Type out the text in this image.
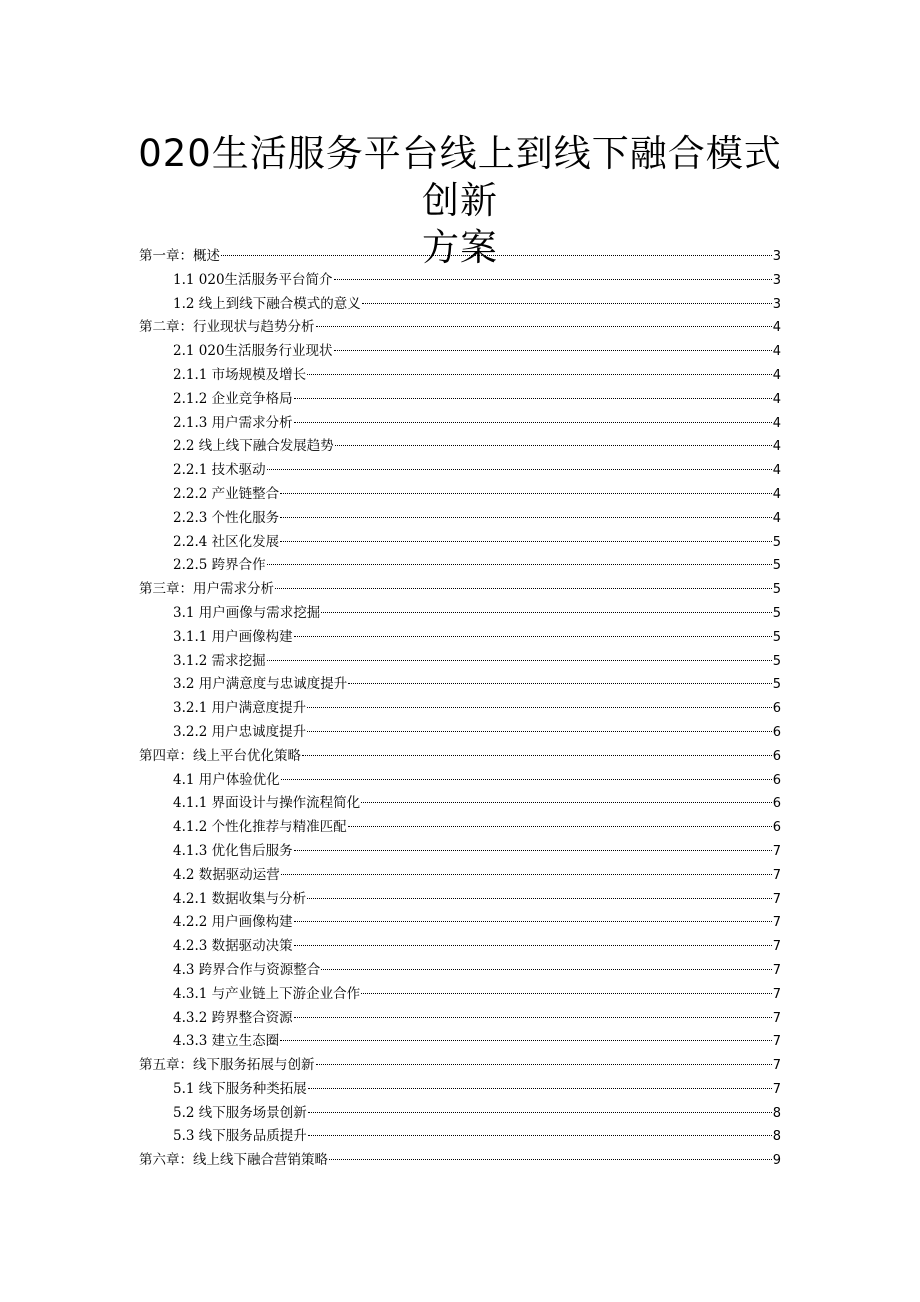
020生活服务平台线上到线下融合模式创新
方案
第一章：概述	3
1.1 020生活服务平台简介	3
1.2 线上到线下融合模式的意义	3
第二章：行业现状与趋势分析	4
2.1 020生活服务行业现状	4
2.1.1 市场规模及增长	4
2.1.2 企业竞争格局	4
2.1.3 用户需求分析	4
2.2 线上线下融合发展趋势	4
2.2.1 技术驱动	4
2.2.2 产业链整合	4
2.2.3 个性化服务	4
2.2.4 社区化发展	5
2.2.5 跨界合作	5
第三章：用户需求分析	5
3.1 用户画像与需求挖掘	5
3.1.1 用户画像构建	5
3.1.2 需求挖掘	5
3.2 用户满意度与忠诚度提升	5
3.2.1 用户满意度提升	6
3.2.2 用户忠诚度提升	6
第四章：线上平台优化策略	6
4.1 用户体验优化	6
4.1.1 界面设计与操作流程简化	6
4.1.2 个性化推荐与精准匹配	6
4.1.3 优化售后服务	7
4.2 数据驱动运营	7
4.2.1 数据收集与分析	7
4.2.2 用户画像构建	7
4.2.3 数据驱动决策	7
4.3 跨界合作与资源整合	7
4.3.1 与产业链上下游企业合作	7
4.3.2 跨界整合资源	7
4.3.3 建立生态圈	7
第五章：线下服务拓展与创新	7
5.1 线下服务种类拓展	7
5.2 线下服务场景创新	8
5.3 线下服务品质提升	8
第六章：线上线下融合营销策略	9
